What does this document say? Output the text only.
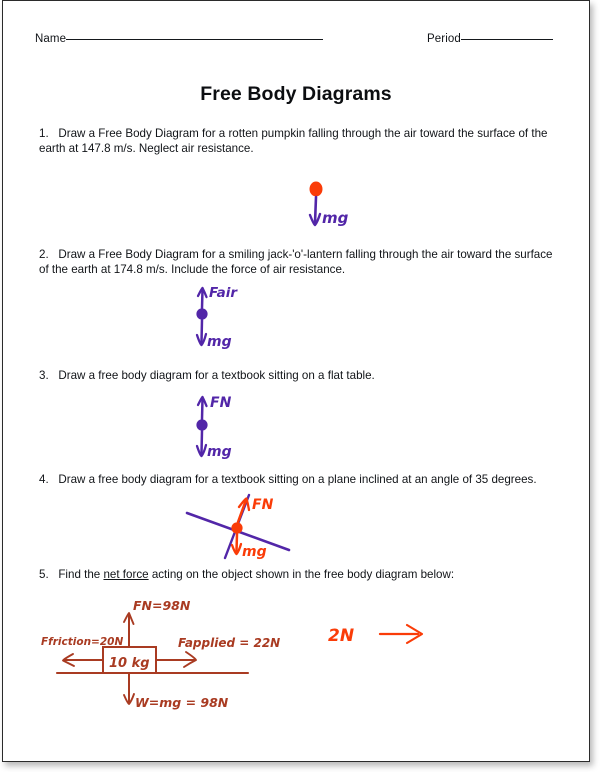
Name	Period
Free Body Diagrams
1. Draw a Free Body Diagram for a rotten pumpkin falling through the air toward the surface of the earth at 147.8 m/s. Neglect air resistance.
2. Draw a Free Body Diagram for a smiling jack-'o'-lantern falling through the air toward the surface of the earth at 174.8 m/s. Include the force of air resistance.
3. Draw a free body diagram for a textbook sitting on a flat table.
4. Draw a free body diagram for a textbook sitting on a plane inclined at an angle of 35 degrees.
5. Find the net force acting on the object shown in the free body diagram below:
mg
Fair
mg
FN
mg
FN
mg
10 kg
FN=98N
Ffriction=20N	Fapplied = 22N
W=mg = 98N
2N
